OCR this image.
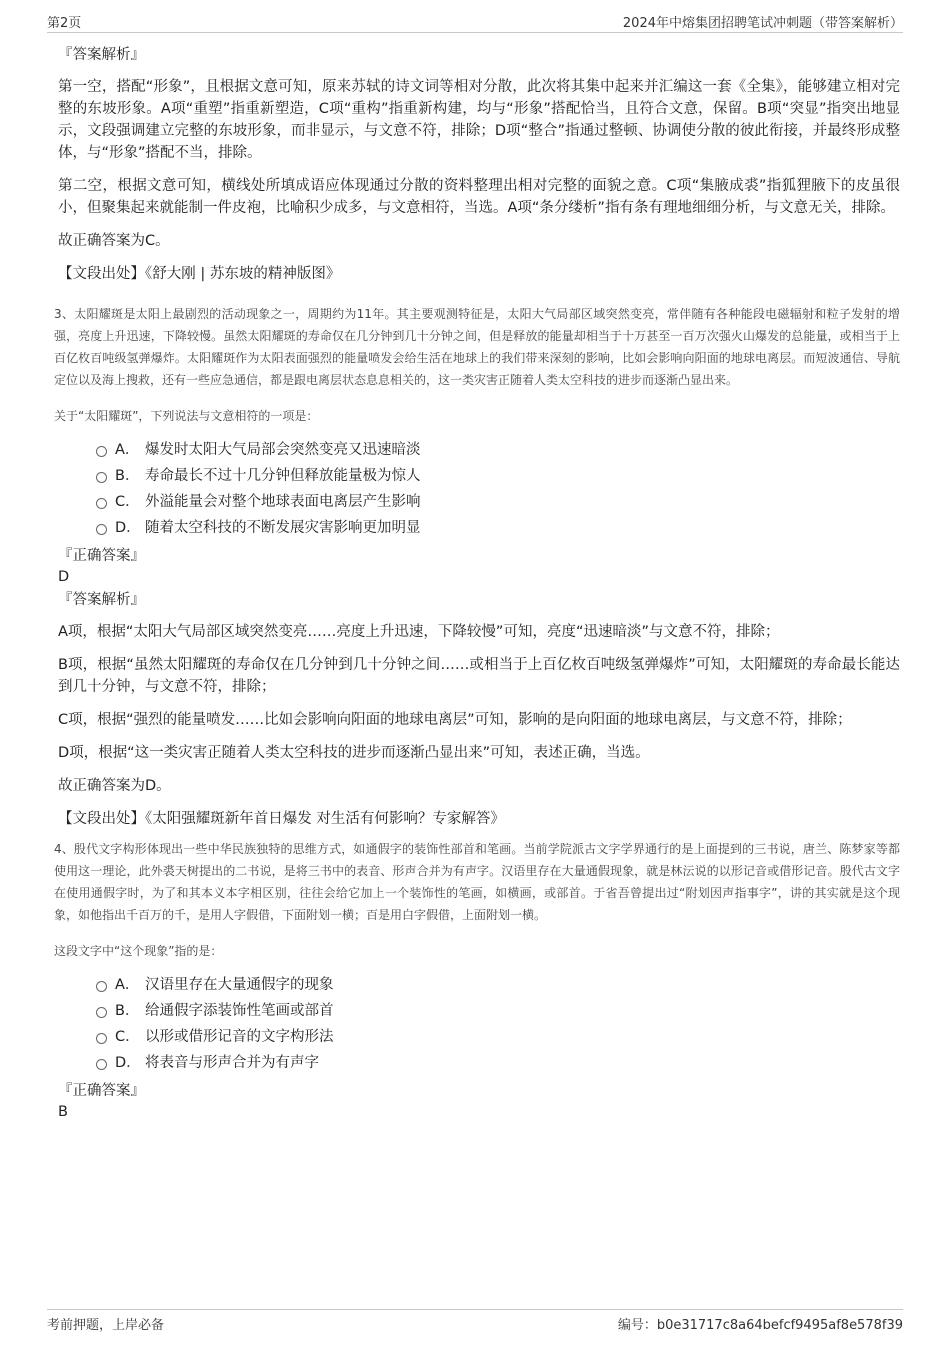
第2页	2024年中熔集团招聘笔试冲刺题（带答案解析）

『答案解析』

第一空，搭配“形象”，且根据文意可知，原来苏轼的诗文词等相对分散，此次将其集中起来并汇编这一套《全集》，能够建立相对完整的东坡形象。A项“重塑”指重新塑造，C项“重构”指重新构建，均与“形象”搭配恰当，且符合文意，保留。B项“突显”指突出地显示，文段强调建立完整的东坡形象，而非显示，与文意不符，排除；D项“整合”指通过整顿、协调使分散的彼此衔接，并最终形成整体，与“形象”搭配不当，排除。

第二空，根据文意可知，横线处所填成语应体现通过分散的资料整理出相对完整的面貌之意。C项“集腋成裘”指狐狸腋下的皮虽很小，但聚集起来就能制一件皮袍，比喻积少成多，与文意相符，当选。A项“条分缕析”指有条有理地细细分析，与文意无关，排除。

故正确答案为C。

【文段出处】《舒大刚 | 苏东坡的精神版图》

3、太阳耀斑是太阳上最剧烈的活动现象之一，周期约为11年。其主要观测特征是，太阳大气局部区域突然变亮，常伴随有各种能段电磁辐射和粒子发射的增强，亮度上升迅速，下降较慢。虽然太阳耀斑的寿命仅在几分钟到几十分钟之间，但是释放的能量却相当于十万甚至一百万次强火山爆发的总能量，或相当于上百亿枚百吨级氢弹爆炸。太阳耀斑作为太阳表面强烈的能量喷发会给生活在地球上的我们带来深刻的影响，比如会影响向阳面的地球电离层。而短波通信、导航定位以及海上搜救，还有一些应急通信，都是跟电离层状态息息相关的，这一类灾害正随着人类太空科技的进步而逐渐凸显出来。

关于“太阳耀斑”，下列说法与文意相符的一项是：

A． 爆发时太阳大气局部会突然变亮又迅速暗淡
B． 寿命最长不过十几分钟但释放能量极为惊人
C． 外溢能量会对整个地球表面电离层产生影响
D． 随着太空科技的不断发展灾害影响更加明显

『正确答案』

D

『答案解析』

A项，根据“太阳大气局部区域突然变亮……亮度上升迅速，下降较慢”可知，亮度“迅速暗淡”与文意不符，排除；

B项，根据“虽然太阳耀斑的寿命仅在几分钟到几十分钟之间……或相当于上百亿枚百吨级氢弹爆炸”可知，太阳耀斑的寿命最长能达到几十分钟，与文意不符，排除；

C项，根据“强烈的能量喷发……比如会影响向阳面的地球电离层”可知，影响的是向阳面的地球电离层，与文意不符，排除；

D项，根据“这一类灾害正随着人类太空科技的进步而逐渐凸显出来”可知，表述正确，当选。

故正确答案为D。

【文段出处】《太阳强耀斑新年首日爆发 对生活有何影响？专家解答》

4、殷代文字构形体现出一些中华民族独特的思维方式，如通假字的装饰性部首和笔画。当前学院派古文字学界通行的是上面提到的三书说，唐兰、陈梦家等都使用这一理论，此外裘天树提出的二书说，是将三书中的表音、形声合并为有声字。汉语里存在大量通假现象，就是林沄说的以形记音或借形记音。殷代古文字在使用通假字时，为了和其本义本字相区别，往往会给它加上一个装饰性的笔画，如横画，或部首。于省吾曾提出过“附划因声指事字”，讲的其实就是这个现象，如他指出千百万的千，是用人字假借，下面附划一横；百是用白字假借，上面附划一横。

这段文字中“这个现象”指的是：

A． 汉语里存在大量通假字的现象
B． 给通假字添装饰性笔画或部首
C． 以形或借形记音的文字构形法
D． 将表音与形声合并为有声字

『正确答案』

B

考前押题，上岸必备	编号：b0e31717c8a64befcf9495af8e578f39
